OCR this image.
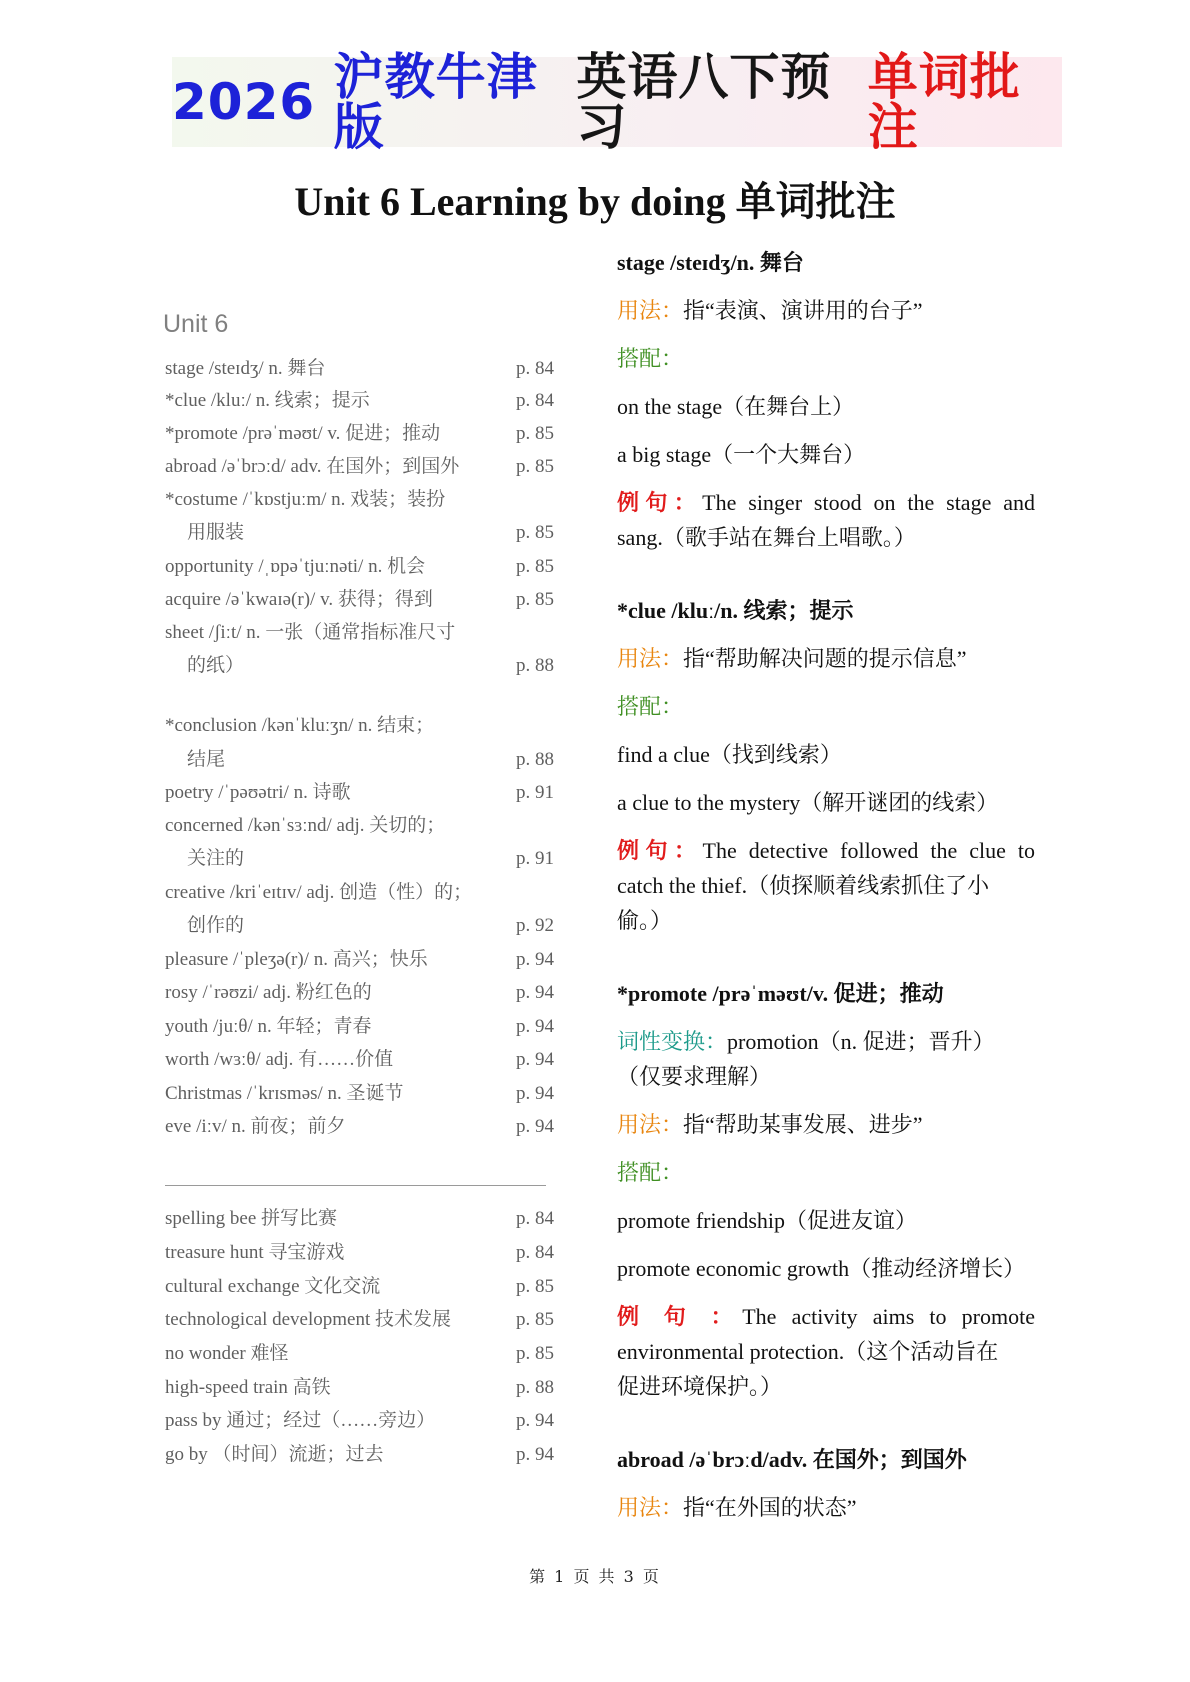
2026
沪教牛津版
英语八下预习
单词批注
Unit 6 Learning by doing 单词批注
Unit 6
stage /steɪdʒ/ n. 舞台	p. 84
*clue /kluː/ n. 线索；提示	p. 84
*promote /prəˈməʊt/ v. 促进；推动	p. 85
abroad /əˈbrɔːd/ adv. 在国外；到国外	p. 85
*costume /ˈkɒstjuːm/ n. 戏装；装扮
用服装	p. 85
opportunity /ˌɒpəˈtjuːnəti/ n. 机会	p. 85
acquire /əˈkwaɪə(r)/ v. 获得；得到	p. 85
sheet /ʃiːt/ n. 一张（通常指标准尺寸
的纸）	p. 88
*conclusion /kənˈkluːʒn/ n. 结束；
结尾	p. 88
poetry /ˈpəʊətri/ n. 诗歌	p. 91
concerned /kənˈsɜːnd/ adj. 关切的；
关注的	p. 91
creative /kriˈeɪtɪv/ adj. 创造（性）的；
创作的	p. 92
pleasure /ˈpleʒə(r)/ n. 高兴；快乐	p. 94
rosy /ˈrəʊzi/ adj. 粉红色的	p. 94
youth /juːθ/ n. 年轻；青春	p. 94
worth /wɜːθ/ adj. 有……价值	p. 94
Christmas /ˈkrɪsməs/ n. 圣诞节	p. 94
eve /iːv/ n. 前夜；前夕	p. 94
spelling bee 拼写比赛	p. 84
treasure hunt 寻宝游戏	p. 84
cultural exchange 文化交流	p. 85
technological development 技术发展	p. 85
no wonder 难怪	p. 85
high-speed train 高铁	p. 88
pass by 通过；经过（……旁边）	p. 94
go by （时间）流逝；过去	p. 94
stage /steɪdʒ/n. 舞台
用法：指“表演、演讲用的台子”
搭配：
on the stage（在舞台上）
a big stage（一个大舞台）
例句：The singer stood on the stage and
sang.（歌手站在舞台上唱歌。）
*clue /kluː/n. 线索；提示
用法：指“帮助解决问题的提示信息”
搭配：
find a clue（找到线索）
a clue to the mystery（解开谜团的线索）
例句：The detective followed the clue to
catch the thief.（侦探顺着线索抓住了小
偷。）
*promote /prəˈməʊt/v. 促进；推动
词性变换：promotion（n. 促进；晋升）
（仅要求理解）
用法：指“帮助某事发展、进步”
搭配：
promote friendship（促进友谊）
promote economic growth（推动经济增长）
例 句 ：The activity aims to promote
environmental protection.（这个活动旨在
促进环境保护。）
abroad /əˈbrɔːd/adv. 在国外；到国外
用法：指“在外国的状态”
第 1 页 共 3 页
